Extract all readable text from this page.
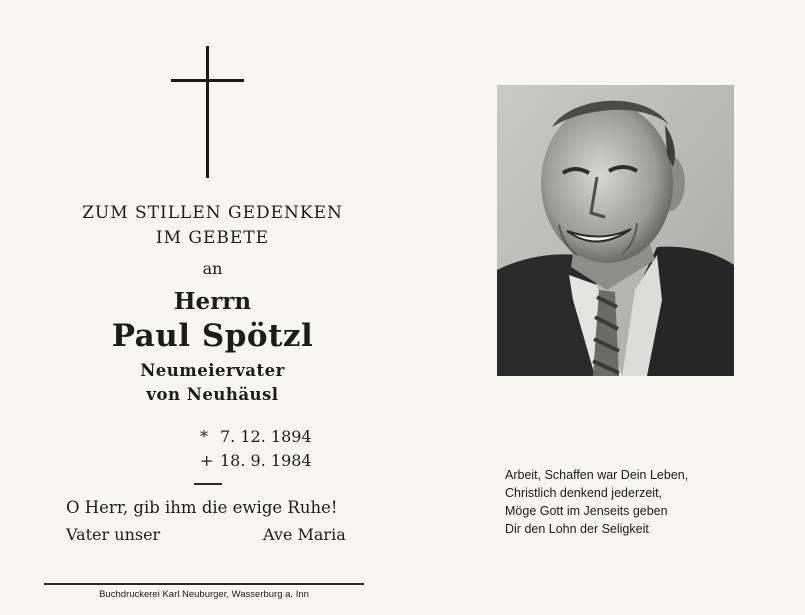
ZUM STILLEN GEDENKEN
IM GEBETE
an
Herrn
Paul Spötzl
Neumeiervater
von Neuhäusl
* 7. 12. 1894
+ 18. 9. 1984
O Herr, gib ihm die ewige Ruhe!
Vater unser	Ave Maria
Buchdruckerei Karl Neuburger, Wasserburg a. Inn
Arbeit, Schaffen war Dein Leben,
Christlich denkend jederzeit,
Möge Gott im Jenseits geben
Dir den Lohn der Seligkeit
